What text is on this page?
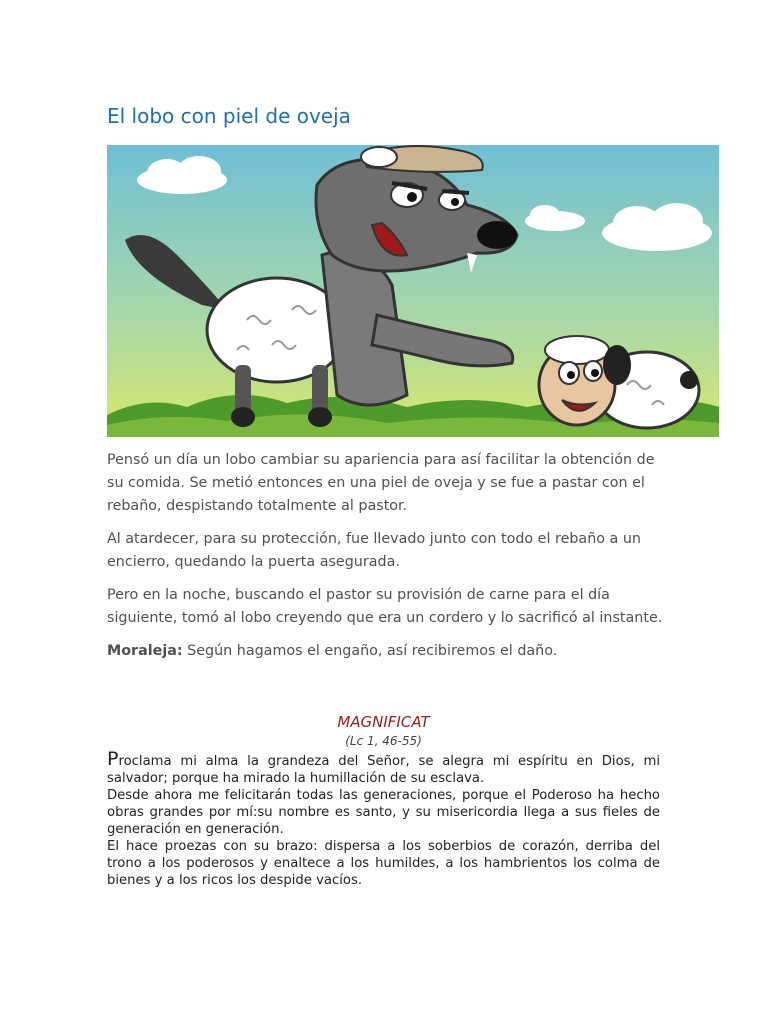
El lobo con piel de oveja

Pensó un día un lobo cambiar su apariencia para así facilitar la obtención de su comida. Se metió entonces en una piel de oveja y se fue a pastar con el rebaño, despistando totalmente al pastor.

Al atardecer, para su protección, fue llevado junto con todo el rebaño a un encierro, quedando la puerta asegurada.

Pero en la noche, buscando el pastor su provisión de carne para el día siguiente, tomó al lobo creyendo que era un cordero y lo sacrificó al instante.

Moraleja: Según hagamos el engaño, así recibiremos el daño.

MAGNIFICAT

(Lc 1, 46-55)

Proclama mi alma la grandeza del Señor, se alegra mi espíritu en Dios, mi salvador; porque ha mirado la humillación de su esclava.

Desde ahora me felicitarán todas las generaciones, porque el Poderoso ha hecho obras grandes por mí:su nombre es santo, y su misericordia llega a sus fieles de generación en generación.

El hace proezas con su brazo: dispersa a los soberbios de corazón, derriba del trono a los poderosos y enaltece a los humildes, a los hambrientos los colma de bienes y a los ricos los despide vacíos.
